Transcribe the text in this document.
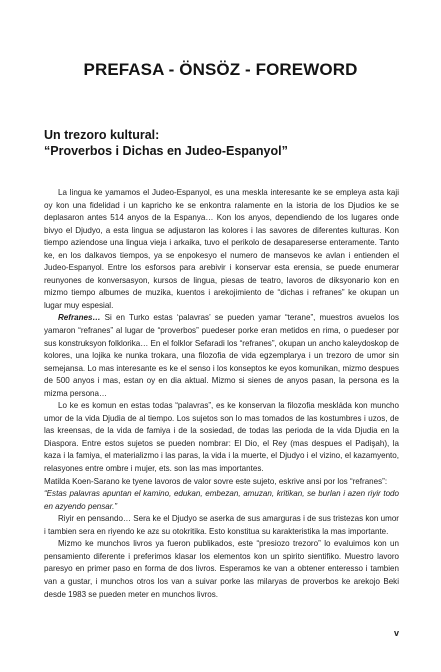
PREFASA - ÖNSÖZ - FOREWORD
Un trezoro kultural:
“Proverbos i Dichas en Judeo-Espanyol”

La lingua ke yamamos el Judeo-Espanyol, es una meskla interesante ke se empleya asta kaji oy kon una fidelidad i un kapricho ke se enkontra ralamente en la istoria de los Djudios ke se deplasaron antes 514 anyos de la Espanya… Kon los anyos, dependiendo de los lugares onde bivyo el Djudyo, a esta lingua se adjustaron las kolores i las savores de diferentes kulturas. Kon tiempo aziendose una lingua vieja i arkaika, tuvo el perikolo de desapareserse enteramente. Tanto ke, en los dalkavos tiempos, ya se enpokesyo el numero de mansevos ke avlan i entienden el Judeo-Espanyol. Entre los esforsos para arebivir i konservar esta erensia, se puede enumerar reunyones de konversasyon, kursos de lingua, piesas de teatro, lavoros de diksyonario kon en mizmo tiempo albumes de muzika, kuentos i arekojimiento de “dichas i refranes” ke okupan un lugar muy espesial.

Refranes… Si en Turko estas ‘palavras’ se pueden yamar “terane”, muestros avuelos los yamaron “refranes” al lugar de “proverbos” puedeser porke eran metidos en rima, o puedeser por sus konstruksyon folklorika… En el folklor Sefaradi los “refranes”, okupan un ancho kaleydoskop de kolores, una lojika ke nunka trokara, una filozofia de vida egzemplarya i un trezoro de umor sin semejansa. Lo mas interesante es ke el senso i los konseptos ke eyos komunikan, mizmo despues de 500 anyos i mas, estan oy en dia aktual. Mizmo si sienes de anyos pasan, la persona es la mizma persona…

Lo ke es komun en estas todas “palavras”, es ke konservan la filozofia meskláda kon muncho umor de la vida Djudia de al tiempo. Los sujetos son lo mas tomados de las kostumbres i uzos, de las kreensas, de la vida de famiya i de la sosiedad, de todas las perioda de la vida Djudia en la Diaspora. Entre estos sujetos se pueden nombrar: El Dio, el Rey (mas despues el Padişah), la kaza i la famiya, el materializmo i las paras, la vida i la muerte, el Djudyo i el vizino, el kazamyento, relasyones entre ombre i mujer, ets. son las mas importantes.

Matilda Koen-Sarano ke tyene lavoros de valor sovre este sujeto, eskrive ansi por los “refranes”:

“Estas palavras apuntan el kamino, edukan, embezan, amuzan, kritikan, se burlan i azen riyir todo en azyendo pensar.”

Riyir en pensando… Sera ke el Djudyo se aserka de sus amarguras i de sus tristezas kon umor i tambien sera en riyendo ke azε su otokritika. Esto konstitua su karakteristika la mas importante.

Mizmo ke munchos livros ya fueron publikados, este “presiozo trezoro” lo evaluimos kon un pensamiento diferente i preferimos klasar los elementos kon un spirito sientifiko. Muestro lavoro paresyo en primer paso en forma de dos livros. Esperamos ke van a obtener enteresso i tambien van a gustar, i munchos otros los van a suivar porke las milaryas de proverbos ke arekojo Beki desde 1983 se pueden meter en munchos livros.

v
